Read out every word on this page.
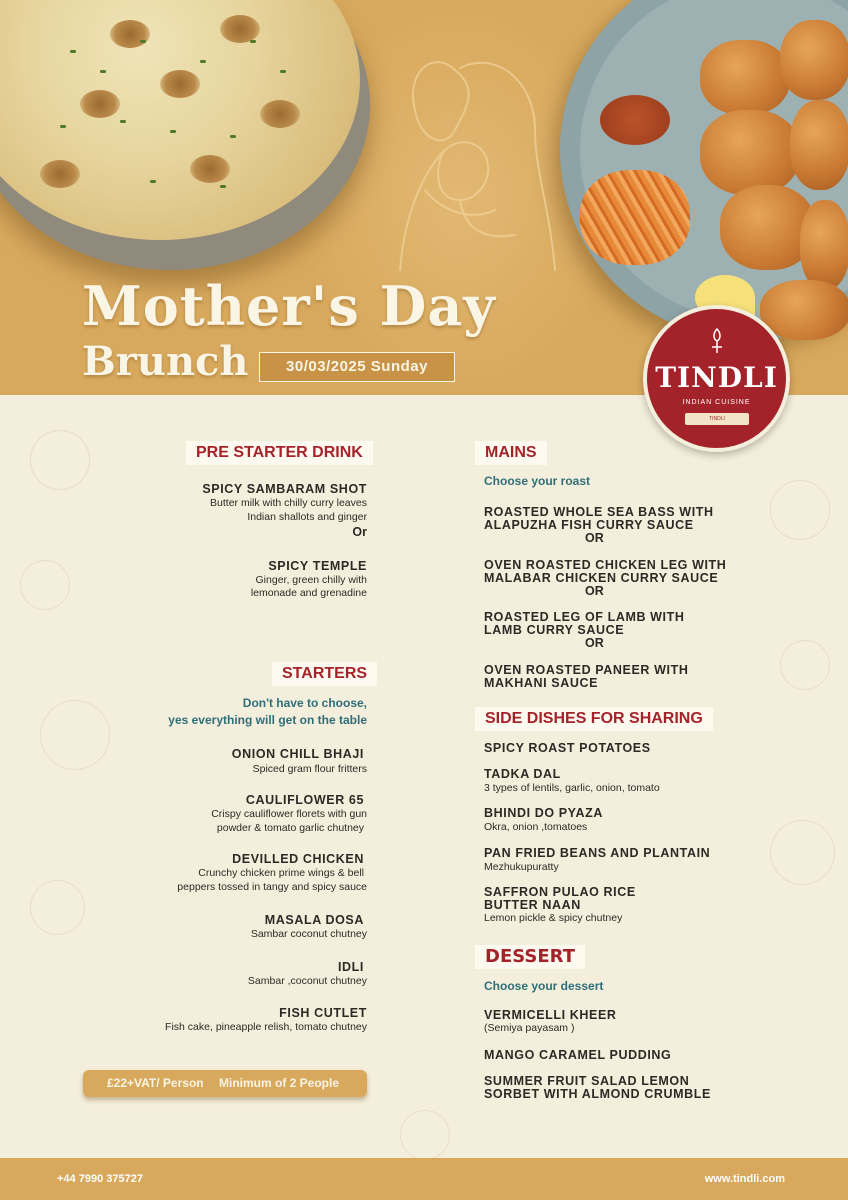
Mother's Day
Brunch	30/03/2025 Sunday	TINDLI
INDIAN CUISINE
TINDLI
PRE STARTER DRINK
SPICY SAMBARAM SHOT
Butter milk with chilly curry leaves
Indian shallots and ginger
Or
SPICY TEMPLE
Ginger, green chilly with
lemonade and grenadine
STARTERS
Don't have to choose,
yes everything will get on the table
ONION CHILL BHAJI
Spiced gram flour fritters
CAULIFLOWER 65
Crispy cauliflower florets with gun
powder & tomato garlic chutney
DEVILLED CHICKEN
Crunchy chicken prime wings & bell
peppers tossed in tangy and spicy sauce
MASALA DOSA
Sambar coconut chutney
IDLI
Sambar ,coconut chutney
FISH CUTLET
Fish cake, pineapple relish, tomato chutney
£22+VAT/ Person Minimum of 2 People
MAINS
Choose your roast
ROASTED WHOLE SEA BASS WITH
ALAPUZHA FISH CURRY SAUCE
OR
OVEN ROASTED CHICKEN LEG WITH
MALABAR CHICKEN CURRY SAUCE
OR
ROASTED LEG OF LAMB WITH
LAMB CURRY SAUCE
OR
OVEN ROASTED PANEER WITH
MAKHANI SAUCE
SIDE DISHES FOR SHARING
SPICY ROAST POTATOES
TADKA DAL
3 types of lentils, garlic, onion, tomato
BHINDI DO PYAZA
Okra, onion ,tomatoes
PAN FRIED BEANS AND PLANTAIN
Mezhukupuratty
SAFFRON PULAO RICE
BUTTER NAAN
Lemon pickle & spicy chutney
DESSERT
Choose your dessert
VERMICELLI KHEER
(Semiya payasam )
MANGO CARAMEL PUDDING
SUMMER FRUIT SALAD LEMON
SORBET WITH ALMOND CRUMBLE
+44 7990 375727	www.tindli.com
